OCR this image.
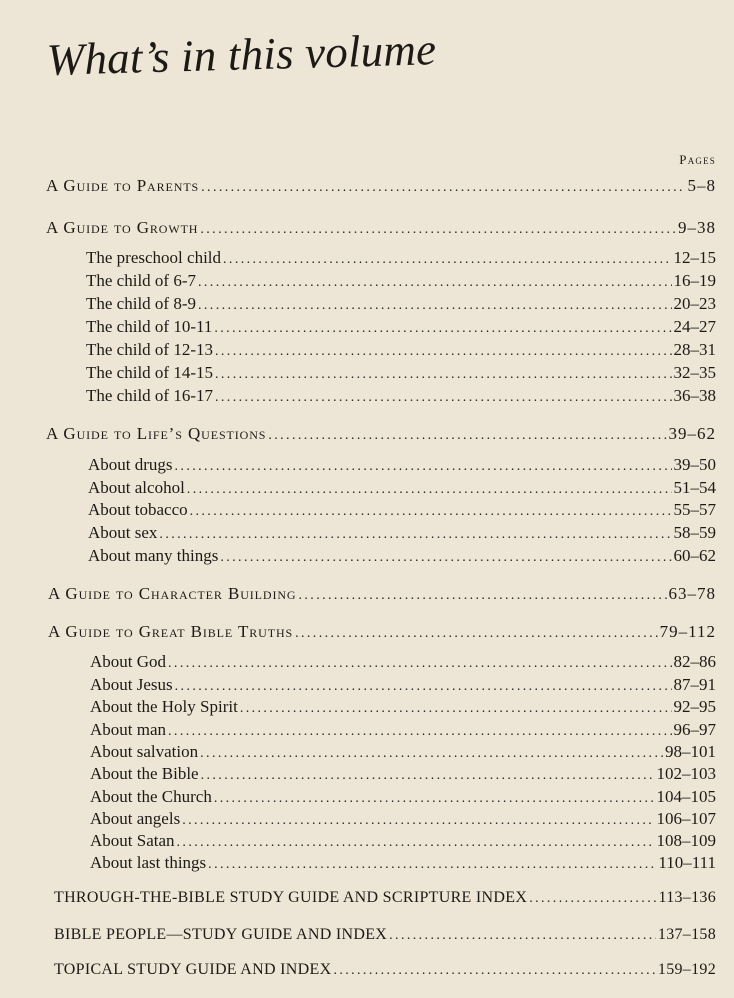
What’s in this volume
Pages
A Guide to Parents .....	5–8
A Guide to Growth .....	9–38
The preschool child .....	12–15
The child of 6-7 .....	16–19
The child of 8-9 .....	20–23
The child of 10-11 .....	24–27
The child of 12-13 .....	28–31
The child of 14-15 .....	32–35
The child of 16-17 .....	36–38
A Guide to Life’s Questions .....	39–62
About drugs .....	39–50
About alcohol .....	51–54
About tobacco .....	55–57
About sex .....	58–59
About many things .....	60–62
A Guide to Character Building .....	63–78
A Guide to Great Bible Truths .....	79–112
About God .....	82–86
About Jesus .....	87–91
About the Holy Spirit .....	92–95
About man .....	96–97
About salvation .....	98–101
About the Bible .....	102–103
About the Church .....	104–105
About angels .....	106–107
About Satan .....	108–109
About last things .....	110–111
THROUGH-THE-BIBLE STUDY GUIDE AND SCRIPTURE INDEX .....	113–136
BIBLE PEOPLE—STUDY GUIDE AND INDEX .....	137–158
TOPICAL STUDY GUIDE AND INDEX .....	159–192
